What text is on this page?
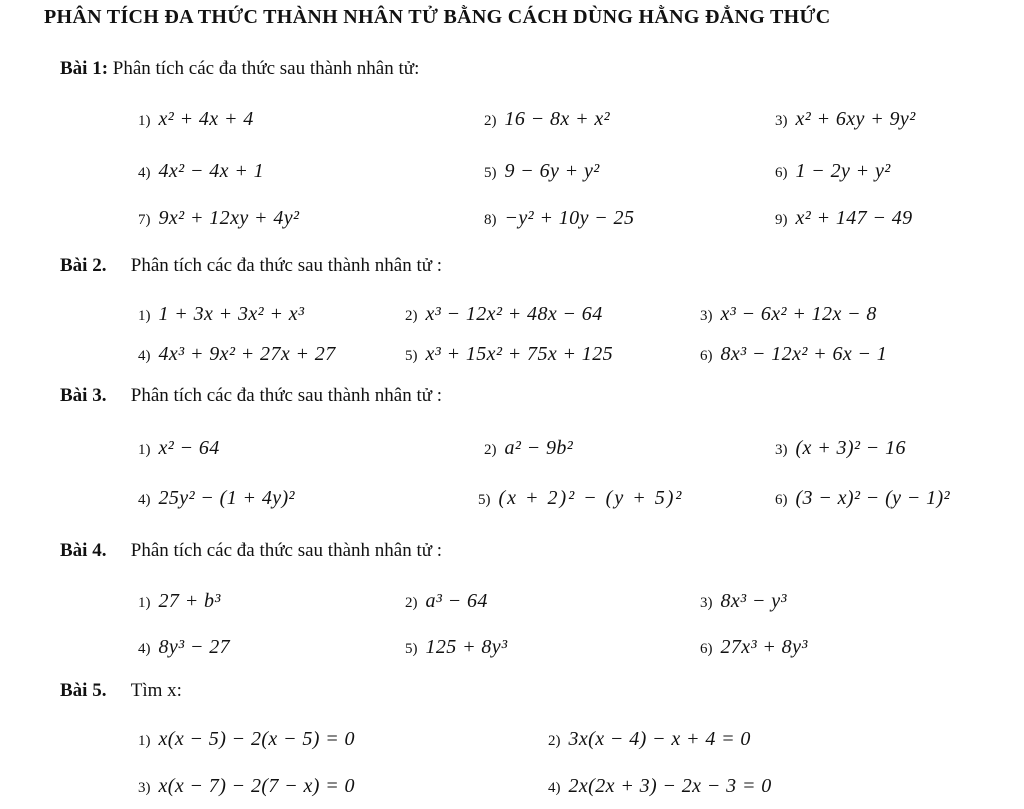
PHÂN TÍCH ĐA THỨC THÀNH NHÂN TỬ BẰNG CÁCH DÙNG HẰNG ĐẲNG THỨC
Bài 1: Phân tích các đa thức sau thành nhân tử:
1) x² + 4x + 4	2) 16 − 8x + x²	3) x² + 6xy + 9y²
4) 4x² − 4x + 1	5) 9 − 6y + y²	6) 1 − 2y + y²
7) 9x² + 12xy + 4y²	8) −y² + 10y − 25	9) x² + 147 − 49
Bài 2. Phân tích các đa thức sau thành nhân tử :
1) 1 + 3x + 3x² + x³	2) x³ − 12x² + 48x − 64	3) x³ − 6x² + 12x − 8
4) 4x³ + 9x² + 27x + 27	5) x³ + 15x² + 75x + 125	6) 8x³ − 12x² + 6x − 1
Bài 3. Phân tích các đa thức sau thành nhân tử :
1) x² − 64	2) a² − 9b²	3) (x + 3)² − 16
4) 25y² − (1 + 4y)²	5) (x + 2)² − (y + 5)²	6) (3 − x)² − (y − 1)²
Bài 4. Phân tích các đa thức sau thành nhân tử :
1) 27 + b³	2) a³ − 64	3) 8x³ − y³
4) 8y³ − 27	5) 125 + 8y³	6) 27x³ + 8y³
Bài 5. Tìm x:
1) x(x − 5) − 2(x − 5) = 0	2) 3x(x − 4) − x + 4 = 0
3) x(x − 7) − 2(7 − x) = 0	4) 2x(2x + 3) − 2x − 3 = 0
